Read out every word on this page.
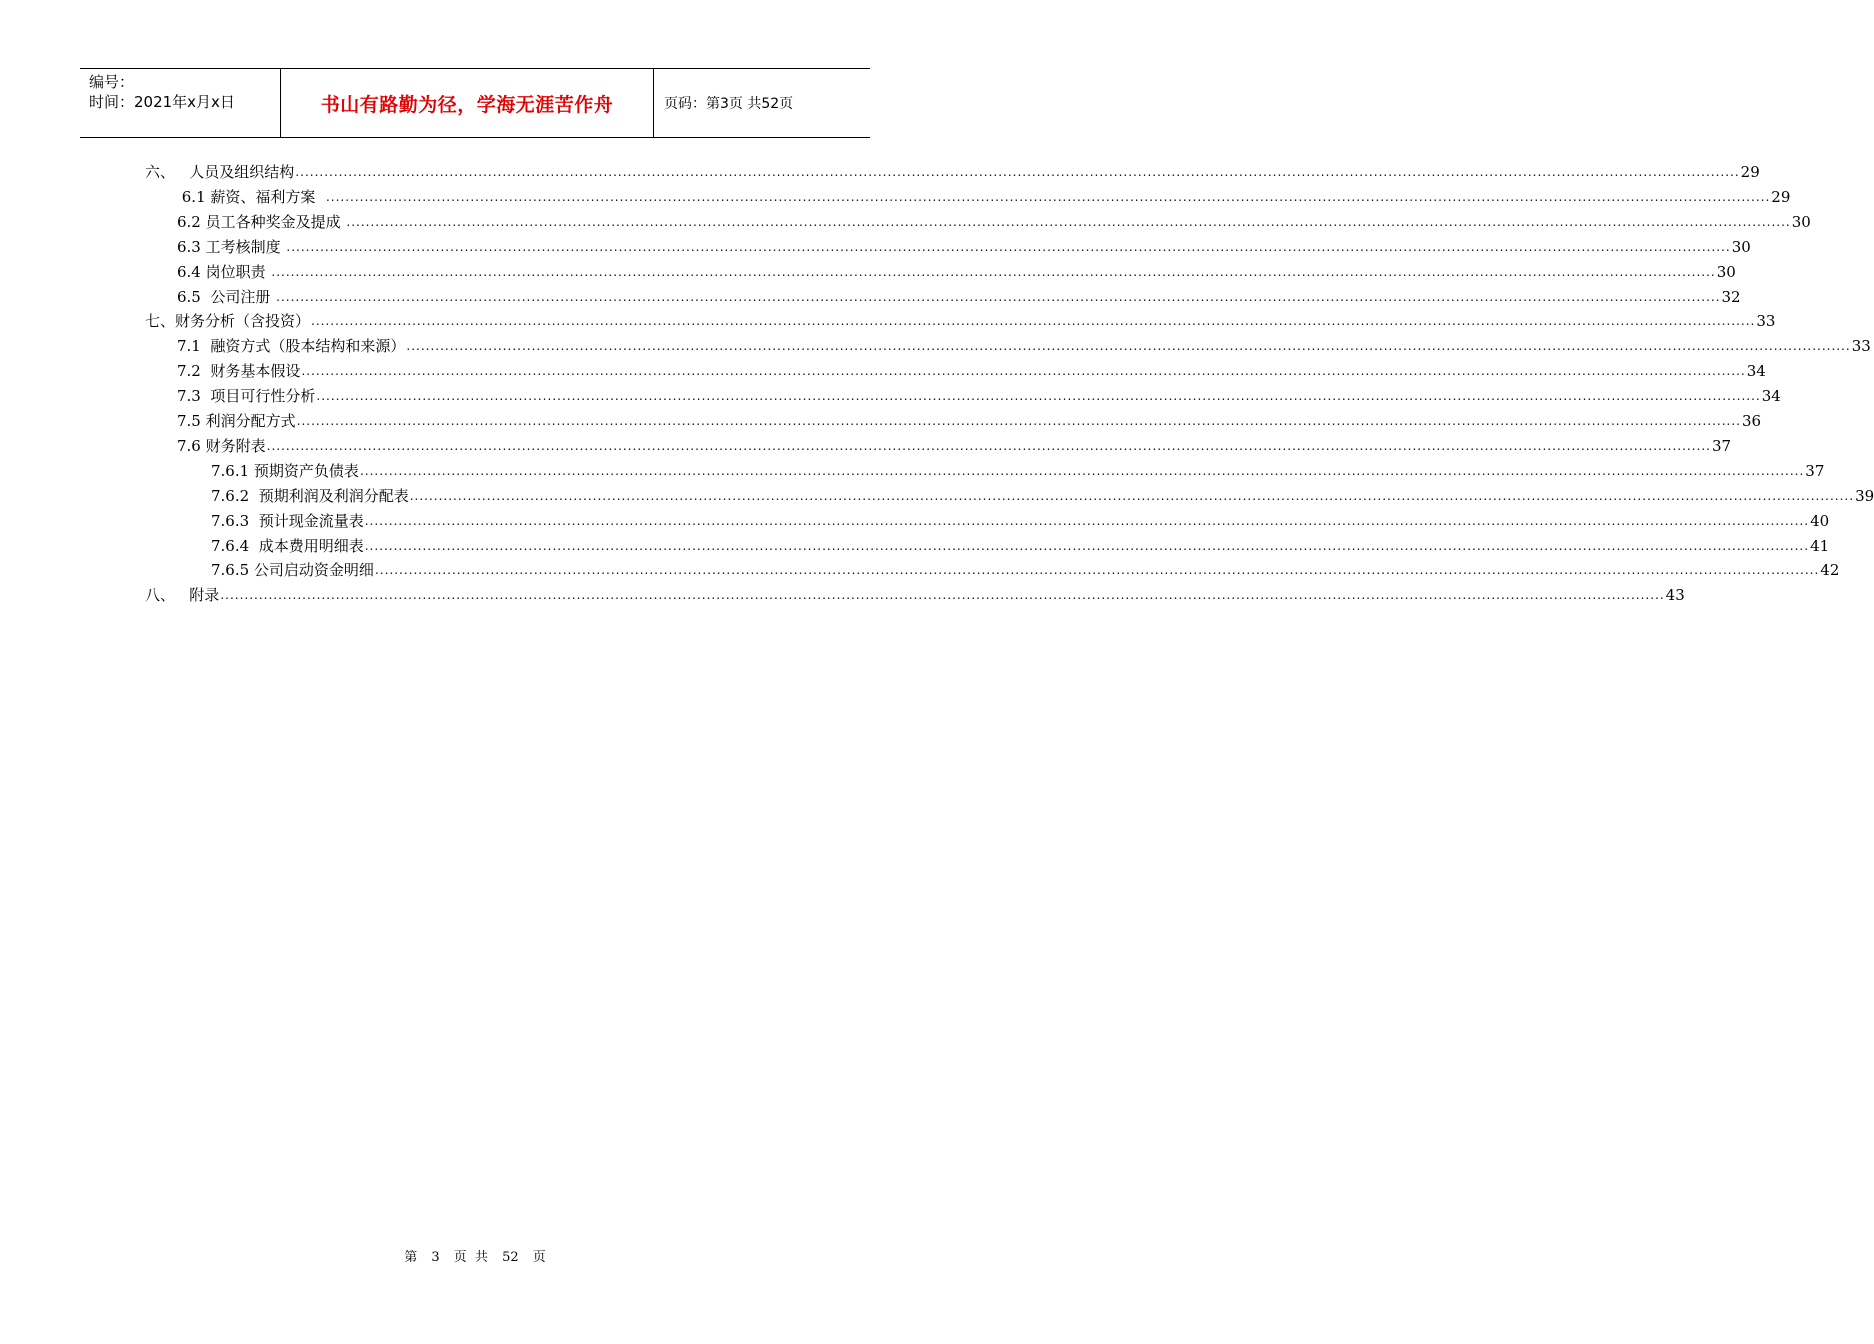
编号：
时间：2021年x月x日	书山有路勤为径，学海无涯苦作舟	页码：第3页 共52页
六、   人员及组织结构 ............................................................................................................................................................................................................................................................................................................ 29
6.1 薪资、福利方案 ............................................................................................................................................................................................................................................................................................................ 29
6.2 员工各种奖金及提成 ............................................................................................................................................................................................................................................................................................................ 30
6.3 工考核制度 ............................................................................................................................................................................................................................................................................................................ 30
6.4 岗位职责 ............................................................................................................................................................................................................................................................................................................ 30
6.5  公司注册 ............................................................................................................................................................................................................................................................................................................ 32
七、财务分析（含投资） ............................................................................................................................................................................................................................................................................................................ 33
7.1  融资方式（股本结构和来源） ............................................................................................................................................................................................................................................................................................................ 33
7.2  财务基本假设 ............................................................................................................................................................................................................................................................................................................ 34
7.3  项目可行性分析 ............................................................................................................................................................................................................................................................................................................ 34
7.5 利润分配方式 ............................................................................................................................................................................................................................................................................................................ 36
7.6 财务附表 ............................................................................................................................................................................................................................................................................................................ 37
7.6.1 预期资产负债表 ............................................................................................................................................................................................................................................................................................................ 37
7.6.2  预期利润及利润分配表 ............................................................................................................................................................................................................................................................................................................ 39
7.6.3  预计现金流量表 ............................................................................................................................................................................................................................................................................................................ 40
7.6.4  成本费用明细表 ............................................................................................................................................................................................................................................................................................................ 41
7.6.5 公司启动资金明细 ............................................................................................................................................................................................................................................................................................................ 42
八、   附录 ............................................................................................................................................................................................................................................................................................................ 43
第 3 页 共 52 页
